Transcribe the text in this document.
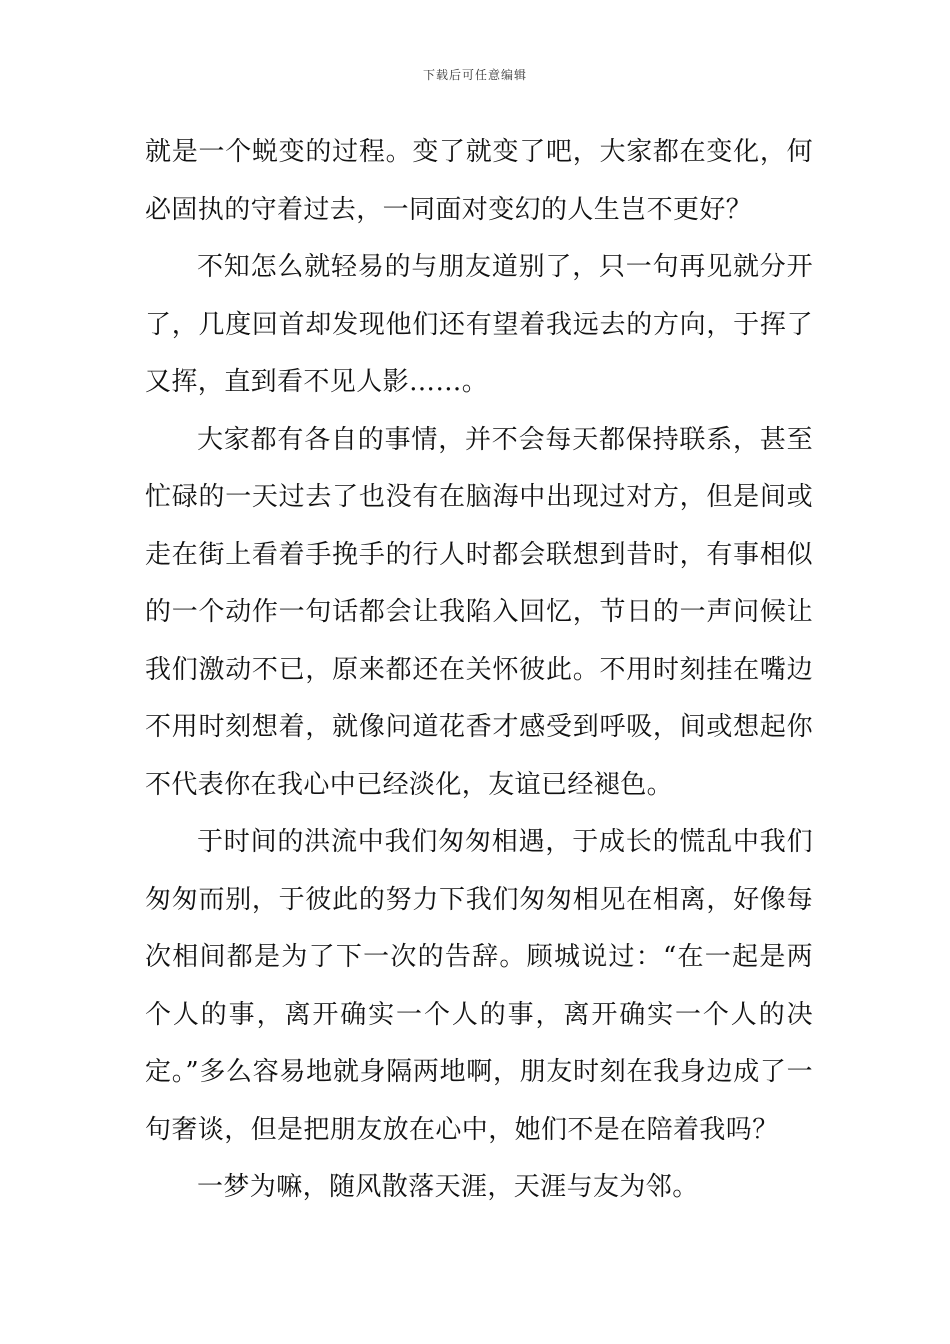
下载后可任意编辑

就是一个蜕变的过程。变了就变了吧，大家都在变化，何必固执的守着过去，一同面对变幻的人生岂不更好？

不知怎么就轻易的与朋友道别了，只一句再见就分开了，几度回首却发现他们还有望着我远去的方向，于挥了又挥，直到看不见人影……。

大家都有各自的事情，并不会每天都保持联系，甚至忙碌的一天过去了也没有在脑海中出现过对方，但是间或走在街上看着手挽手的行人时都会联想到昔时，有事相似的一个动作一句话都会让我陷入回忆，节日的一声问候让我们激动不已，原来都还在关怀彼此。不用时刻挂在嘴边不用时刻想着，就像问道花香才感受到呼吸，间或想起你不代表你在我心中已经淡化，友谊已经褪色。

于时间的洪流中我们匆匆相遇，于成长的慌乱中我们匆匆而别，于彼此的努力下我们匆匆相见在相离，好像每次相间都是为了下一次的告辞。顾城说过：“在一起是两个人的事，离开确实一个人的事，离开确实一个人的决定。”多么容易地就身隔两地啊，朋友时刻在我身边成了一句奢谈，但是把朋友放在心中，她们不是在陪着我吗？

一梦为嘛，随风散落天涯，天涯与友为邻。
